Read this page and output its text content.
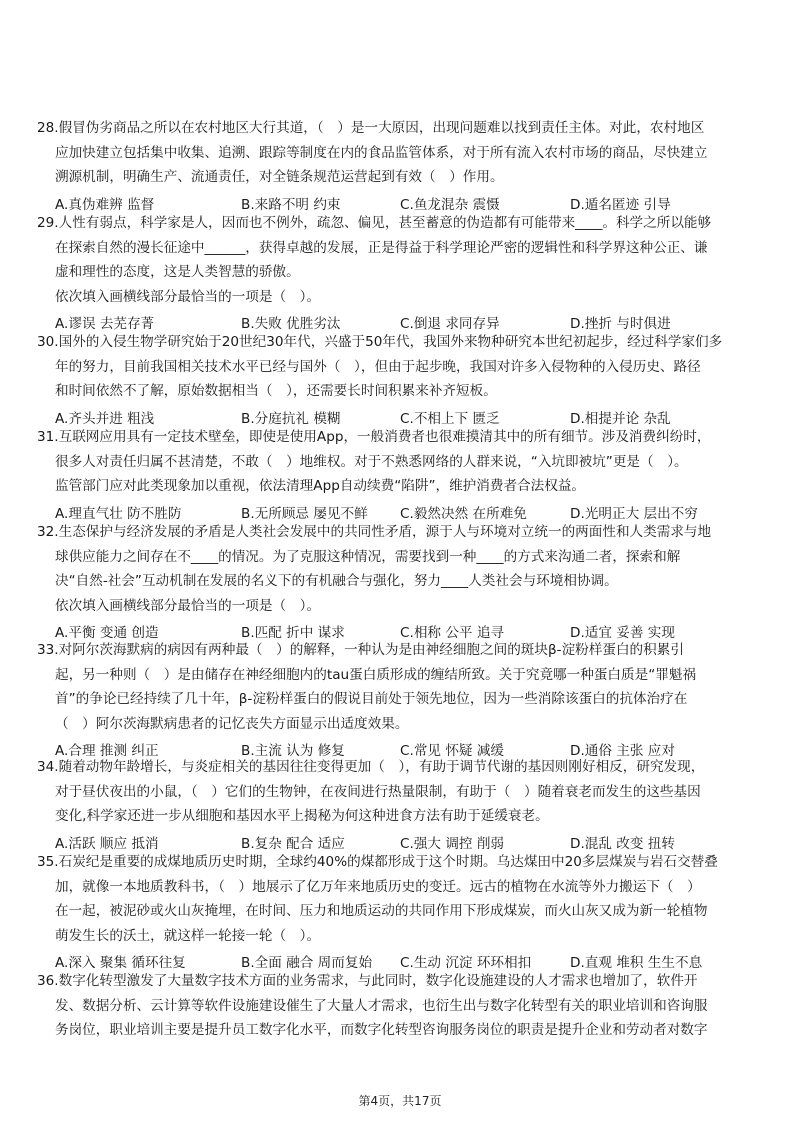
28.假冒伪劣商品之所以在农村地区大行其道，（　）是一大原因，出现问题难以找到责任主体。对此，农村地区
应加快建立包括集中收集、追溯、跟踪等制度在内的食品监管体系，对于所有流入农村市场的商品，尽快建立
溯源机制，明确生产、流通责任，对全链条规范运营起到有效（　）作用。
A.真伪难辨 监督	B.来路不明 约束	C.鱼龙混杂 震慑	D.遁名匿迹 引导
29.人性有弱点，科学家是人，因而也不例外，疏忽、偏见，甚至蓄意的伪造都有可能带来____。科学之所以能够
在探索自然的漫长征途中______，获得卓越的发展，正是得益于科学理论严密的逻辑性和科学界这种公正、谦
虚和理性的态度，这是人类智慧的骄傲。
依次填入画横线部分最恰当的一项是（　）。
A.谬误 去芜存菁	B.失败 优胜劣汰	C.倒退 求同存异	D.挫折 与时俱进
30.国外的入侵生物学研究始于20世纪30年代，兴盛于50年代，我国外来物种研究本世纪初起步，经过科学家们多
年的努力，目前我国相关技术水平已经与国外（　），但由于起步晚，我国对许多入侵物种的入侵历史、路径
和时间依然不了解，原始数据相当（　），还需要长时间积累来补齐短板。
A.齐头并进 粗浅	B.分庭抗礼 模糊	C.不相上下 匮乏	D.相提并论 杂乱
31.互联网应用具有一定技术壁垒，即使是使用App，一般消费者也很难摸清其中的所有细节。涉及消费纠纷时，
很多人对责任归属不甚清楚，不敢（　）地维权。对于不熟悉网络的人群来说，“入坑即被坑”更是（　）。
监管部门应对此类现象加以重视，依法清理App自动续费“陷阱”，维护消费者合法权益。
A.理直气壮 防不胜防	B.无所顾忌 屡见不鲜 C.毅然决然 在所难免	D.光明正大 层出不穷
32.生态保护与经济发展的矛盾是人类社会发展中的共同性矛盾，源于人与环境对立统一的两面性和人类需求与地
球供应能力之间存在不____的情况。为了克服这种情况，需要找到一种____的方式来沟通二者，探索和解
决“自然-社会”互动机制在发展的名义下的有机融合与强化，努力____人类社会与环境相协调。
依次填入画横线部分最恰当的一项是（　）。
A.平衡 变通 创造	B.匹配 折中 谋求	C.相称 公平 追寻	D.适宜 妥善 实现
33.对阿尔茨海默病的病因有两种最（　）的解释，一种认为是由神经细胞之间的斑块β-淀粉样蛋白的积累引
起，另一种则（　）是由储存在神经细胞内的tau蛋白质形成的缠结所致。关于究竟哪一种蛋白质是“罪魁祸
首”的争论已经持续了几十年，β-淀粉样蛋白的假说目前处于领先地位，因为一些消除该蛋白的抗体治疗在
（　）阿尔茨海默病患者的记忆丧失方面显示出适度效果。
A.合理 推测 纠正	B.主流 认为 修复	C.常见 怀疑 减缓	D.通俗 主张 应对
34.随着动物年龄增长，与炎症相关的基因往往变得更加（　），有助于调节代谢的基因则刚好相反，研究发现，
对于昼伏夜出的小鼠，（　）它们的生物钟，在夜间进行热量限制，有助于（　）随着衰老而发生的这些基因
变化,科学家还进一步从细胞和基因水平上揭秘为何这种进食方法有助于延缓衰老。
A.活跃 顺应 抵消	B.复杂 配合 适应	C.强大 调控 削弱	D.混乱 改变 扭转
35.石炭纪是重要的成煤地质历史时期，全球约40%的煤都形成于这个时期。乌达煤田中20多层煤炭与岩石交替叠
加，就像一本地质教科书，（　）地展示了亿万年来地质历史的变迁。远古的植物在水流等外力搬运下（　）
在一起，被泥砂或火山灰掩埋，在时间、压力和地质运动的共同作用下形成煤炭，而火山灰又成为新一轮植物
萌发生长的沃土，就这样一轮接一轮（　）。
A.深入 聚集 循环往复	B.全面 融合 周而复始 C.生动 沉淀 环环相扣	D.直观 堆积 生生不息
36.数字化转型激发了大量数字技术方面的业务需求，与此同时，数字化设施建设的人才需求也增加了，软件开
发、数据分析、云计算等软件设施建设催生了大量人才需求，也衍生出与数字化转型有关的职业培训和咨询服
务岗位，职业培训主要是提升员工数字化水平，而数字化转型咨询服务岗位的职责是提升企业和劳动者对数字
第4页，共17页
